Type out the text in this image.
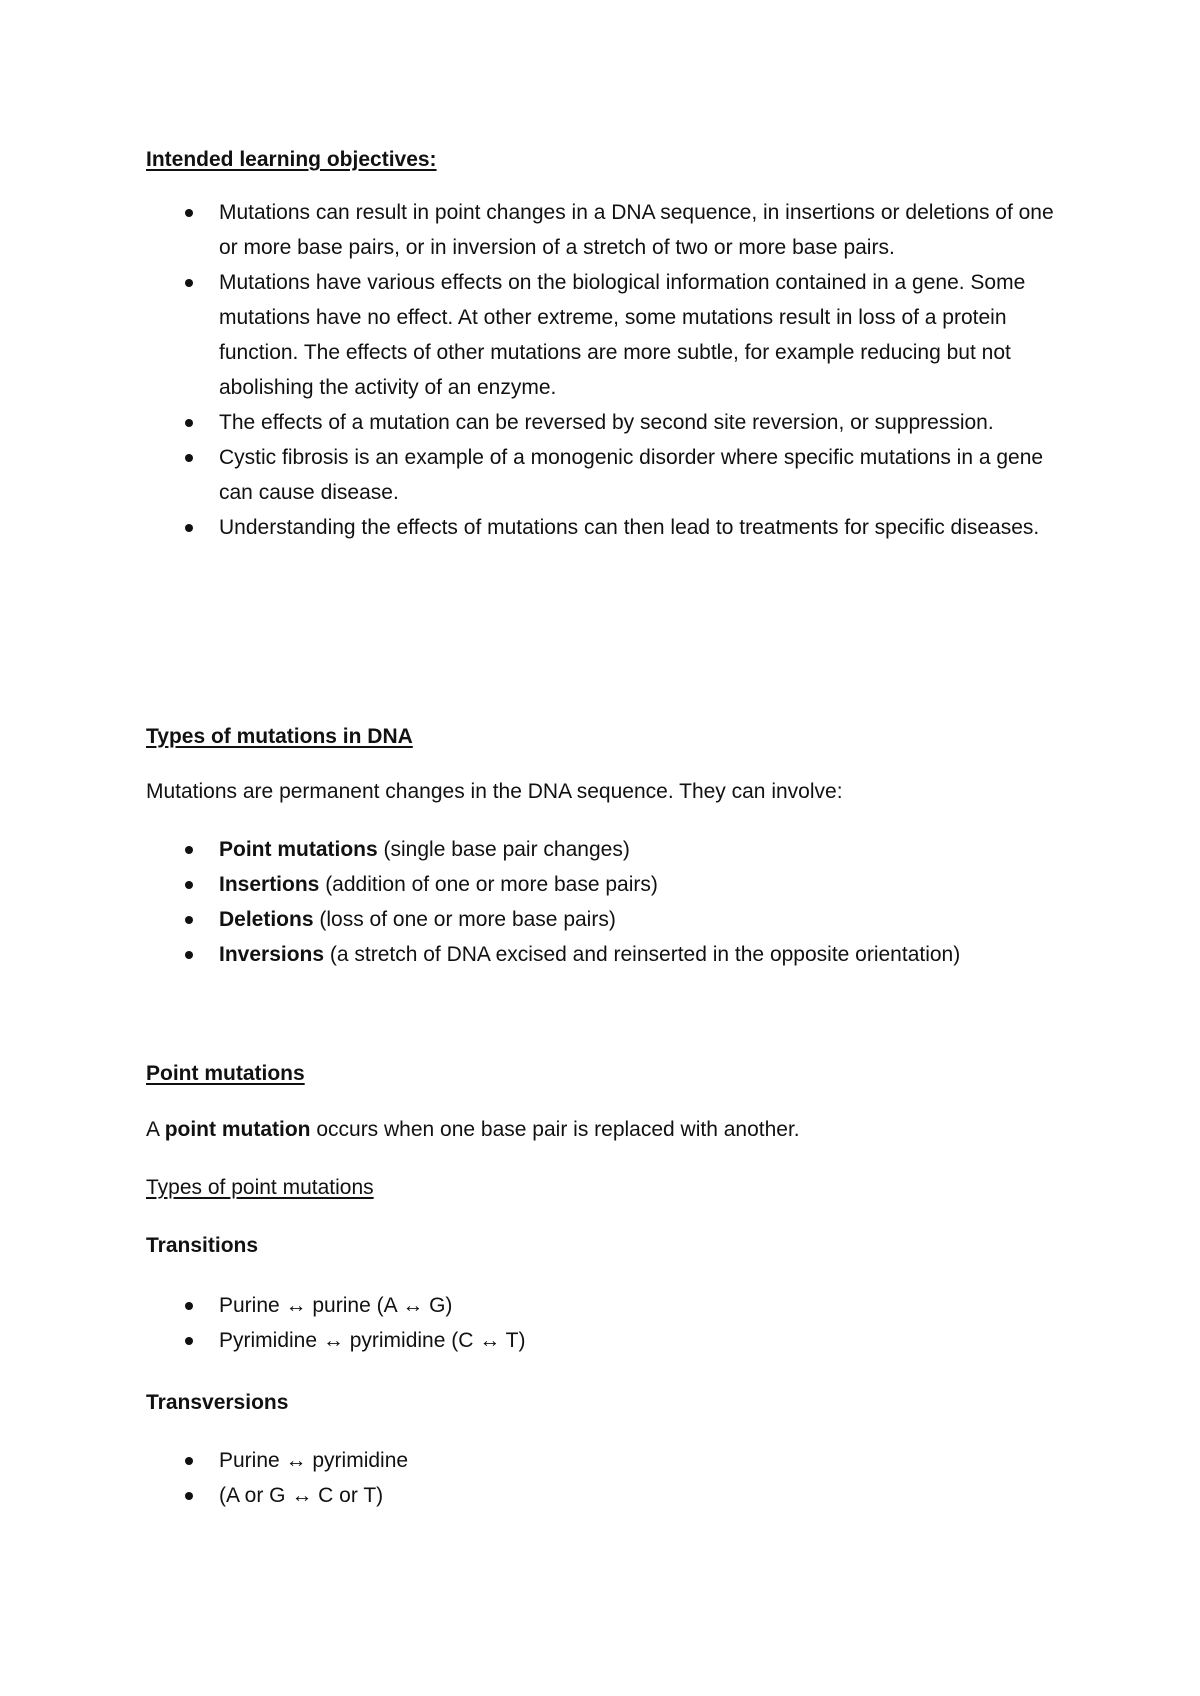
Intended learning objectives:
Mutations can result in point changes in a DNA sequence, in insertions or deletions of one or more base pairs, or in inversion of a stretch of two or more base pairs.
Mutations have various effects on the biological information contained in a gene. Some mutations have no effect. At other extreme, some mutations result in loss of a protein function. The effects of other mutations are more subtle, for example reducing but not abolishing the activity of an enzyme.
The effects of a mutation can be reversed by second site reversion, or suppression.
Cystic fibrosis is an example of a monogenic disorder where specific mutations in a gene can cause disease.
Understanding the effects of mutations can then lead to treatments for specific diseases.
Types of mutations in DNA
Mutations are permanent changes in the DNA sequence. They can involve:
Point mutations (single base pair changes)
Insertions (addition of one or more base pairs)
Deletions (loss of one or more base pairs)
Inversions (a stretch of DNA excised and reinserted in the opposite orientation)
Point mutations
A point mutation occurs when one base pair is replaced with another.
Types of point mutations
Transitions
Purine ↔ purine (A ↔ G)
Pyrimidine ↔ pyrimidine (C ↔ T)
Transversions
Purine ↔ pyrimidine
(A or G ↔ C or T)
